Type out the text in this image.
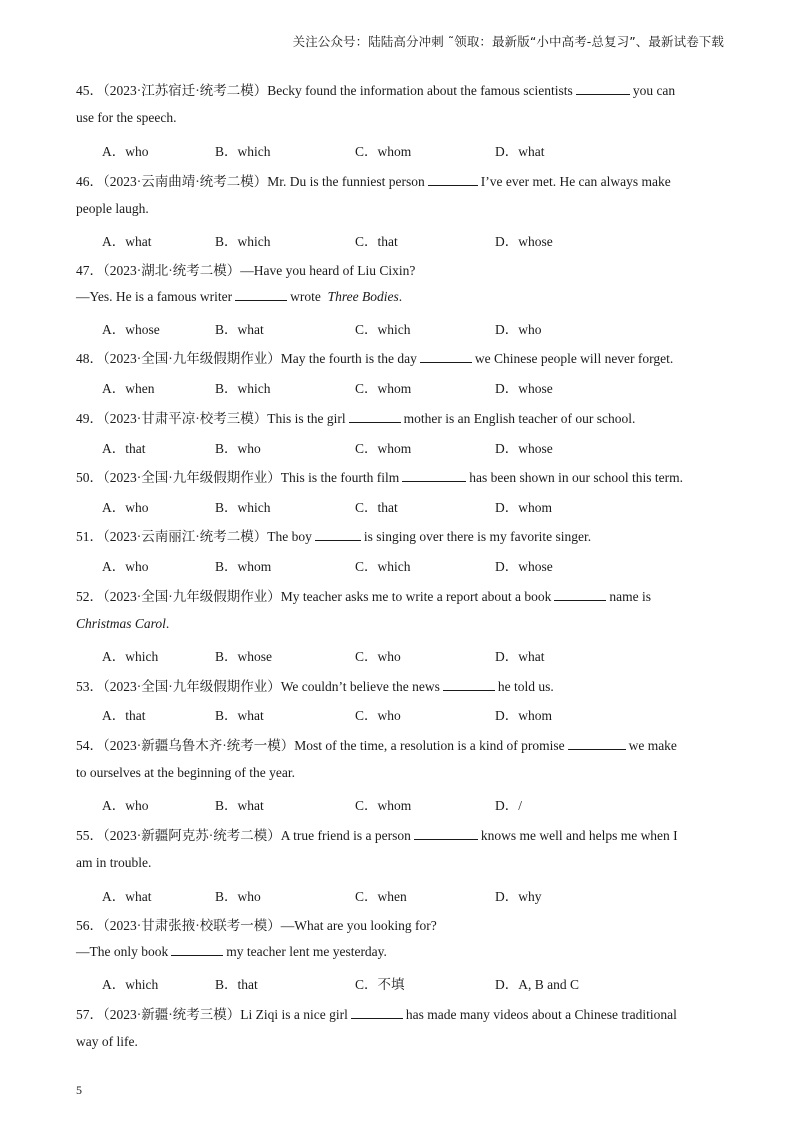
关注公众号：陆陆高分冲刺 ˜领取：最新版“小中高考-总复习”、最新试卷下载
45．（2023·江苏宿迁·统考二模）Becky found the information about the famous scientists	you can
use for the speech.
A．who	B．which	C．whom	D．what
46．（2023·云南曲靖·统考二模）Mr. Du is the funniest person	I’ve ever met. He can always make
people laugh.
A．what	B．which	C．that	D．whose
47．（2023·湖北·统考二模）—Have you heard of Liu Cixin?
—Yes. He is a famous writer	wrote Three Bodies.
A．whose	B．what	C．which	D．who
48．（2023·全国·九年级假期作业）May the fourth is the day	we Chinese people will never forget.
A．when	B．which	C．whom	D．whose
49．（2023·甘肃平凉·校考三模）This is the girl	mother is an English teacher of our school.
A．that	B．who	C．whom	D．whose
50．（2023·全国·九年级假期作业）This is the fourth film	has been shown in our school this term.
A．who	B．which	C．that	D．whom
51．（2023·云南丽江·统考二模）The boy	is singing over there is my favorite singer.
A．who	B．whom	C．which	D．whose
52．（2023·全国·九年级假期作业）My teacher asks me to write a report about a book	name is
Christmas Carol.
A．which	B．whose	C．who	D．what
53．（2023·全国·九年级假期作业）We couldn’t believe the news	he told us.
A．that	B．what	C．who	D．whom
54．（2023·新疆乌鲁木齐·统考一模）Most of the time, a resolution is a kind of promise	we make
to ourselves at the beginning of the year.
A．who	B．what	C．whom	D．/
55．（2023·新疆阿克苏·统考二模）A true friend is a person	knows me well and helps me when I
am in trouble.
A．what	B．who	C．when	D．why
56．（2023·甘肃张掖·校联考一模）—What are you looking for?
—The only book	my teacher lent me yesterday.
A．which	B．that	C．不填	D．A, B and C
57．（2023·新疆·统考三模）Li Ziqi is a nice girl	has made many videos about a Chinese traditional
way of life.
5
